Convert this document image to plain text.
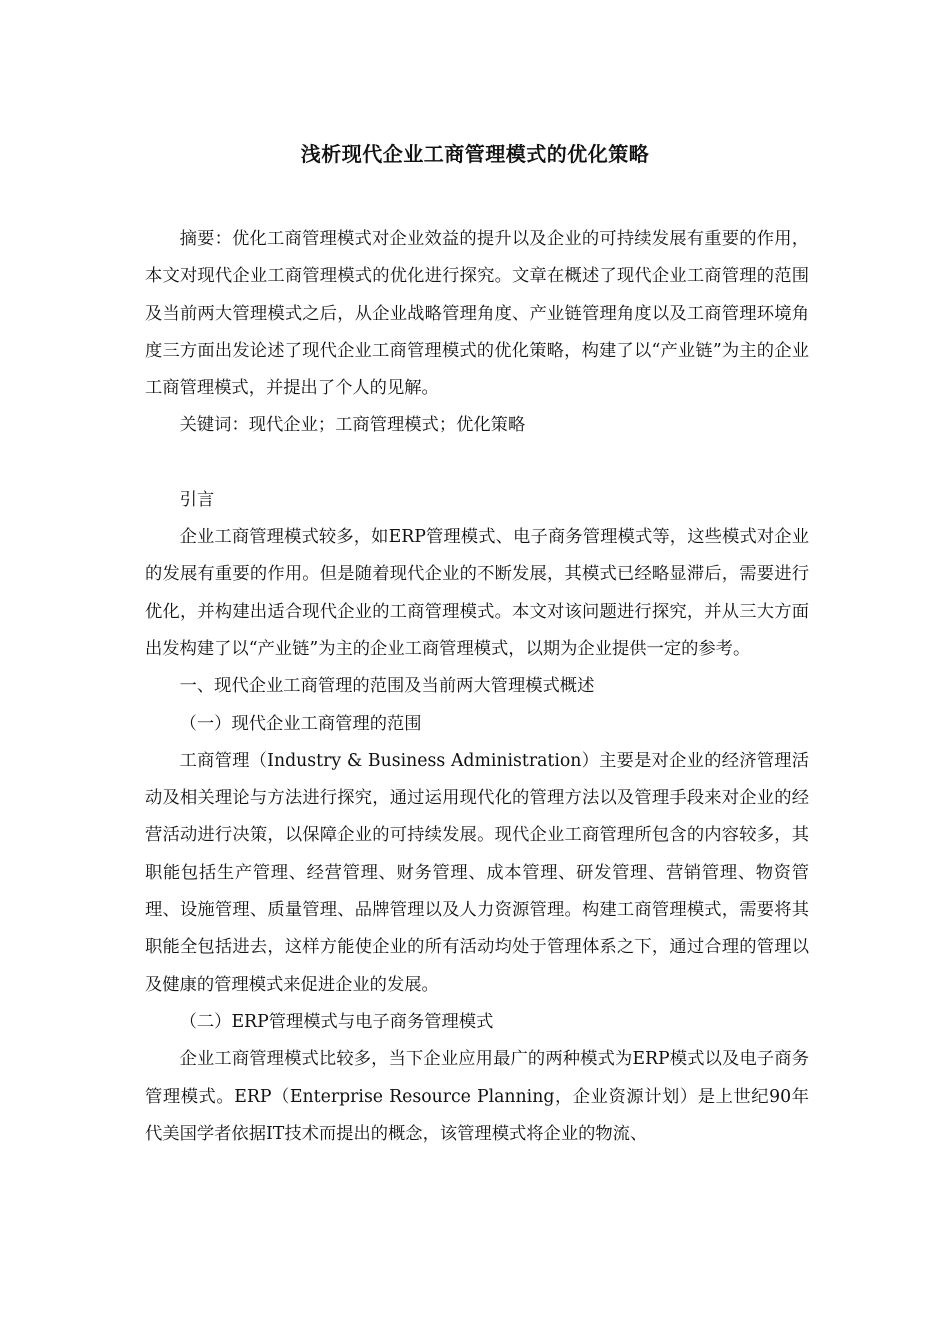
浅析现代企业工商管理模式的优化策略

摘要：优化工商管理模式对企业效益的提升以及企业的可持续发展有重要的作用，本文对现代企业工商管理模式的优化进行探究。文章在概述了现代企业工商管理的范围及当前两大管理模式之后，从企业战略管理角度、产业链管理角度以及工商管理环境角度三方面出发论述了现代企业工商管理模式的优化策略，构建了以“产业链”为主的企业工商管理模式，并提出了个人的见解。

关键词：现代企业；工商管理模式；优化策略

引言

企业工商管理模式较多，如ERP管理模式、电子商务管理模式等，这些模式对企业的发展有重要的作用。但是随着现代企业的不断发展，其模式已经略显滞后，需要进行优化，并构建出适合现代企业的工商管理模式。本文对该问题进行探究，并从三大方面出发构建了以“产业链”为主的企业工商管理模式，以期为企业提供一定的参考。

一、现代企业工商管理的范围及当前两大管理模式概述

（一）现代企业工商管理的范围

工商管理（Industry & Business Administration）主要是对企业的经济管理活动及相关理论与方法进行探究，通过运用现代化的管理方法以及管理手段来对企业的经营活动进行决策，以保障企业的可持续发展。现代企业工商管理所包含的内容较多，其职能包括生产管理、经营管理、财务管理、成本管理、研发管理、营销管理、物资管理、设施管理、质量管理、品牌管理以及人力资源管理。构建工商管理模式，需要将其职能全包括进去，这样方能使企业的所有活动均处于管理体系之下，通过合理的管理以及健康的管理模式来促进企业的发展。

（二）ERP管理模式与电子商务管理模式

企业工商管理模式比较多，当下企业应用最广的两种模式为ERP模式以及电子商务管理模式。ERP（Enterprise Resource Planning，企业资源计划）是上世纪90年代美国学者依据IT技术而提出的概念，该管理模式将企业的物流、
